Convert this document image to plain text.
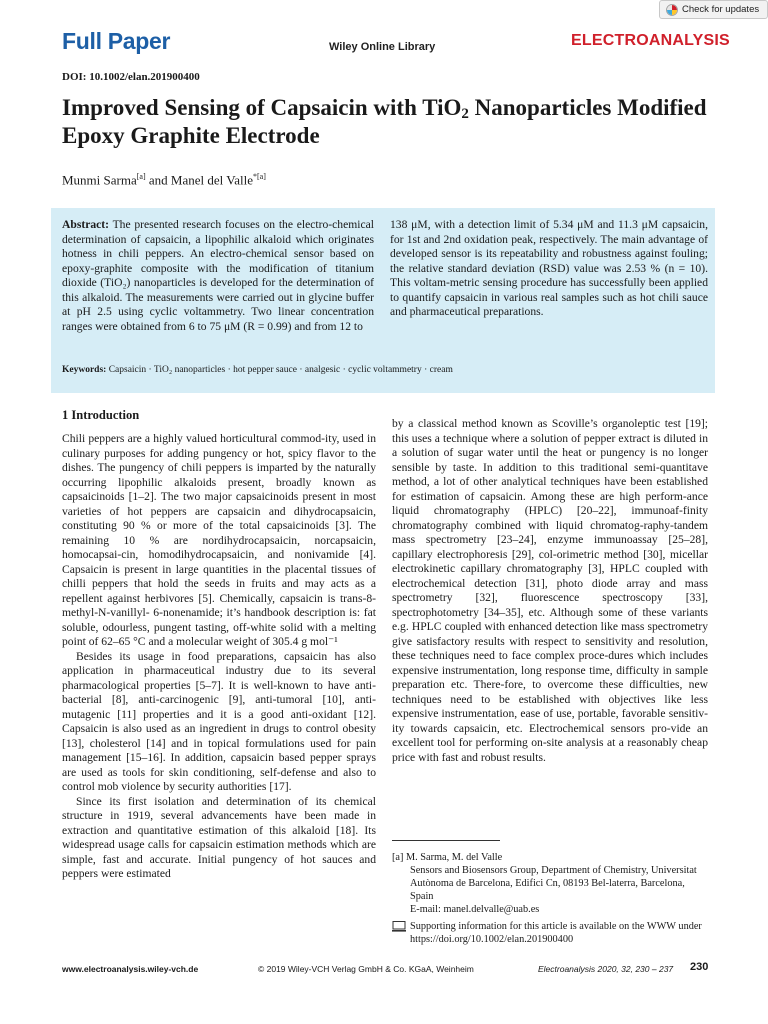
Check for updates
Full Paper	Wiley Online Library	ELECTROANALYSIS
DOI: 10.1002/elan.201900400
Improved Sensing of Capsaicin with TiO$_2$ Nanoparticles Modified Epoxy Graphite Electrode
Munmi Sarma[a] and Manel del Valle$^{*[a]}$
Abstract: The presented research focuses on the electro-chemical determination of capsaicin, a lipophilic alkaloid which originates hotness in chili peppers. An electro-chemical sensor based on epoxy-graphite composite with the modification of titanium dioxide (TiO₂) nanoparticles is developed for the determination of this alkaloid. The measurements were carried out in glycine buffer at pH 2.5 using cyclic voltammetry. Two linear concentration ranges were obtained from 6 to 75 μM (R = 0.99) and from 12 to
138 μM, with a detection limit of 5.34 μM and 11.3 μM capsaicin, for 1st and 2nd oxidation peak, respectively. The main advantage of developed sensor is its repeatability and robustness against fouling; the relative standard deviation (RSD) value was 2.53 % (n = 10). This voltam-metric sensing procedure has successfully been applied to quantify capsaicin in various real samples such as hot chili sauce and pharmaceutical preparations.
Keywords: Capsaicin · TiO₂ nanoparticles · hot pepper sauce · analgesic · cyclic voltammetry · cream
1 Introduction

Chili peppers are a highly valued horticultural commod-ity, used in culinary purposes for adding pungency or hot, spicy flavor to the dishes. The pungency of chili peppers is imparted by the naturally occurring lipophilic alkaloids present, broadly known as capsaicinoids [1–2]. The two major capsaicinoids present in most varieties of hot peppers are capsaicin and dihydrocapsaicin, constituting 90 % or more of the total capsaicinoids [3]. The remaining 10 % are nordihydrocapsaicin, norcapsaicin, homocapsai-cin, homodihydrocapsaicin, and nonivamide [4]. Capsaicin is present in large quantities in the placental tissues of chilli peppers that hold the seeds in fruits and may acts as a repellent against herbivores [5]. Chemically, capsaicin is trans-8-methyl-N-vanillyl- 6-nonenamide; it’s handbook description is: fat soluble, odourless, pungent tasting, off-white solid with a melting point of 62–65 °C and a molecular weight of 305.4 g mol⁻¹

Besides its usage in food preparations, capsaicin has also application in pharmaceutical industry due to its several pharmacological properties [5–7]. It is well-known to have anti-bacterial [8], anti-carcinogenic [9], anti-tumoral [10], anti-mutagenic [11] properties and it is a good anti-oxidant [12]. Capsaicin is also used as an ingredient in drugs to control obesity [13], cholesterol [14] and in topical formulations used for pain management [15–16]. In addition, capsaicin based pepper sprays are used as tools for skin conditioning, self-defense and also to control mob violence by security authorities [17].

Since its first isolation and determination of its chemical structure in 1919, several advancements have been made in extraction and quantitative estimation of this alkaloid [18]. Its widespread usage calls for capsaicin estimation methods which are simple, fast and accurate. Initial pungency of hot sauces and peppers were estimated

by a classical method known as Scoville’s organoleptic test [19]; this uses a technique where a solution of pepper extract is diluted in a solution of sugar water until the heat or pungency is no longer sensible by taste. In addition to this traditional semi-quantitave method, a lot of other analytical techniques have been established for estimation of capsaicin. Among these are high perform-ance liquid chromatography (HPLC) [20–22], immunoaf-finity chromatography combined with liquid chromatog-raphy-tandem mass spectrometry [23–24], enzyme immunoassay [25–28], capillary electrophoresis [29], col-orimetric method [30], micellar electrokinetic capillary chromatography [3], HPLC coupled with electrochemical detection [31], photo diode array and mass spectrometry [32], fluorescence spectroscopy [33], spectrophotometry [34–35], etc. Although some of these variants e.g. HPLC coupled with enhanced detection like mass spectrometry give satisfactory results with respect to sensitivity and resolution, these techniques need to face complex proce-dures which includes expensive instrumentation, long response time, difficulty in sample preparation etc. There-fore, to overcome these difficulties, new techniques need to be established with objectives like less expensive instrumentation, ease of use, portable, favorable sensitiv-ity towards capsaicin, etc. Electrochemical sensors pro-vide an excellent tool for performing on-site analysis at a reasonably cheap price with fast and robust results.

[a] M. Sarma, M. del Valle
Sensors and Biosensors Group, Department of Chemistry, Universitat Autònoma de Barcelona, Edifici Cn, 08193 Bel-laterra, Barcelona, Spain
E-mail: manel.delvalle@uab.es
Supporting information for this article is available on the WWW under https://doi.org/10.1002/elan.201900400
www.electroanalysis.wiley-vch.de	© 2019 Wiley-VCH Verlag GmbH & Co. KGaA, Weinheim	Electroanalysis 2020, 32, 230 – 237 230
